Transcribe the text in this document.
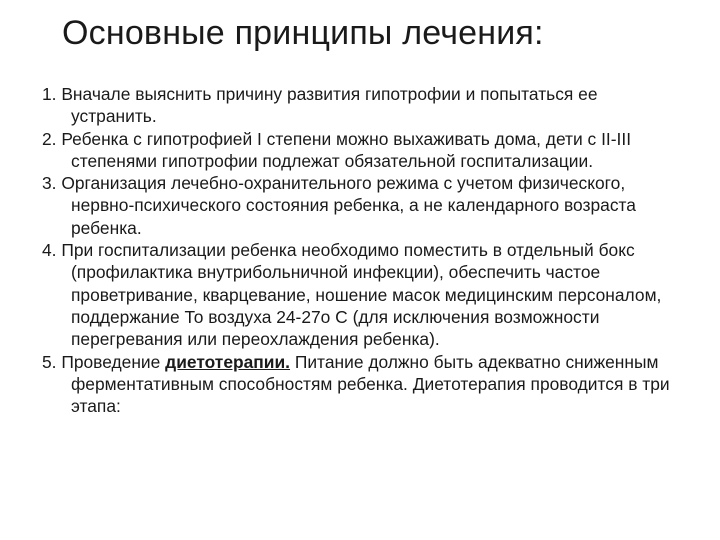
Основные принципы лечения:
1. Вначале выяснить причину развития гипотрофии и попытаться ее устранить.
2. Ребенка с гипотрофией I степени можно выхаживать дома, дети с II-III степенями гипотрофии подлежат обязательной госпитализации.
3. Организация лечебно-охранительного режима с учетом физического, нервно-психического состояния ребенка, а не календарного возраста ребенка.
4. При госпитализации ребенка необходимо поместить в отдельный бокс (профилактика внутрибольничной инфекции), обеспечить частое проветривание, кварцевание, ношение масок медицинским персоналом, поддержание То воздуха 24-27о С (для исключения возможности перегревания или переохлаждения ребенка).
5. Проведение диетотерапии. Питание должно быть адекватно сниженным ферментативным способностям ребенка. Диетотерапия проводится в три этапа:
